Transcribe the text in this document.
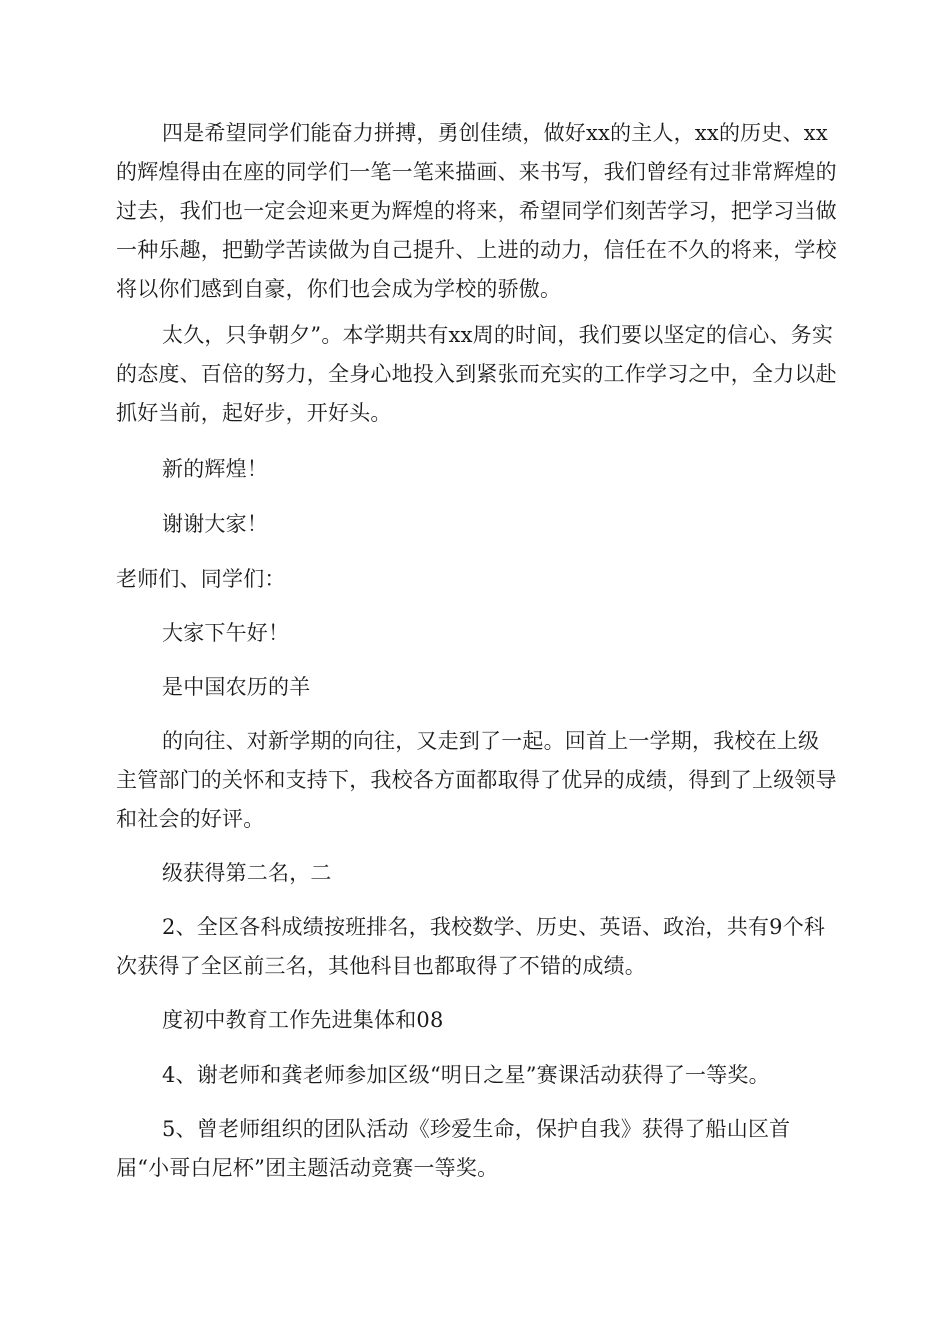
四是希望同学们能奋力拼搏，勇创佳绩，做好xx的主人，xx的历史、xx的辉煌得由在座的同学们一笔一笔来描画、来书写，我们曾经有过非常辉煌的过去，我们也一定会迎来更为辉煌的将来，希望同学们刻苦学习，把学习当做一种乐趣，把勤学苦读做为自己提升、上进的动力，信任在不久的将来，学校将以你们感到自豪，你们也会成为学校的骄傲。

太久，只争朝夕”。本学期共有xx周的时间，我们要以坚定的信心、务实的态度、百倍的努力，全身心地投入到紧张而充实的工作学习之中，全力以赴抓好当前，起好步，开好头。

新的辉煌！

谢谢大家！

老师们、同学们：

大家下午好！

是中国农历的羊

的向往、对新学期的向往，又走到了一起。回首上一学期，我校在上级主管部门的关怀和支持下，我校各方面都取得了优异的成绩，得到了上级领导和社会的好评。

级获得第二名，二

2、全区各科成绩按班排名，我校数学、历史、英语、政治，共有9个科次获得了全区前三名，其他科目也都取得了不错的成绩。

度初中教育工作先进集体和08

4、谢老师和龚老师参加区级“明日之星”赛课活动获得了一等奖。

5、曾老师组织的团队活动《珍爱生命，保护自我》获得了船山区首届“小哥白尼杯”团主题活动竞赛一等奖。
